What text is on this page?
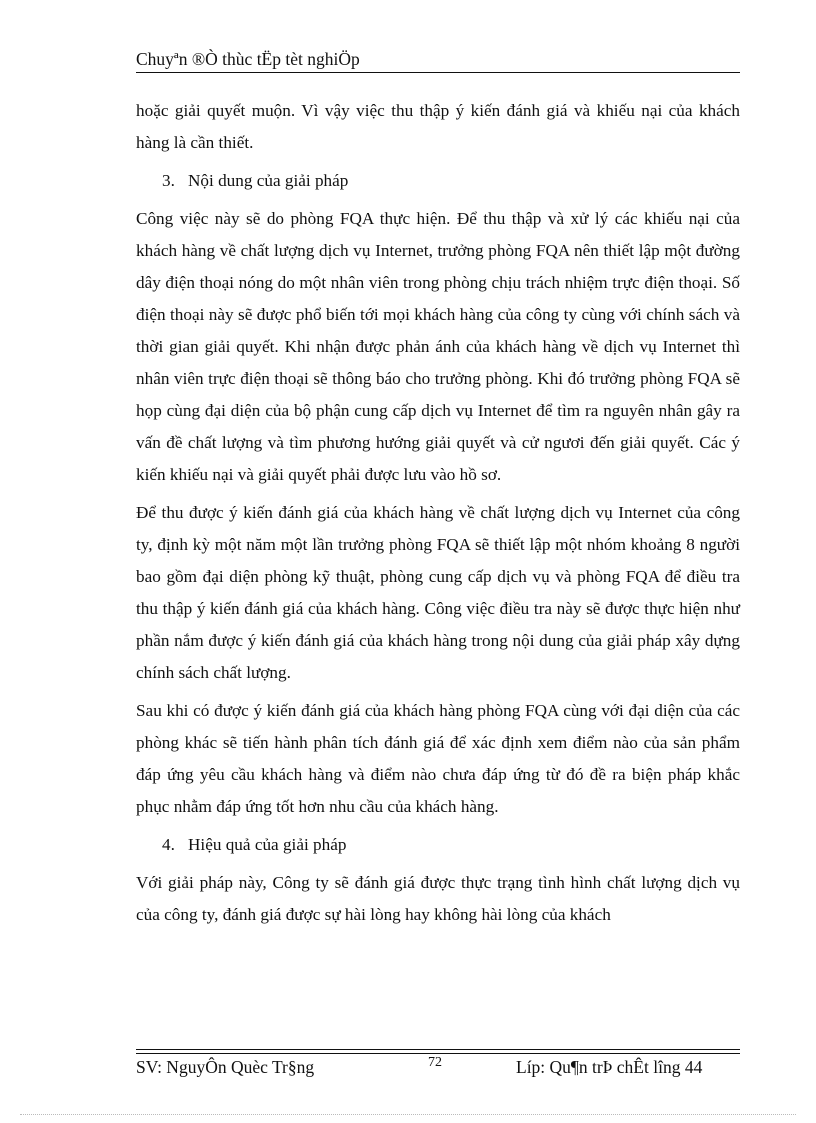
Chuyªn ®Ò thùc tËp tèt nghiÖp

hoặc giải quyết muộn. Vì vậy việc thu thập ý kiến đánh giá và khiếu nại của khách hàng là cần thiết.

3. Nội dung của giải pháp

Công việc này sẽ do phòng FQA thực hiện. Để thu thập và xử lý các khiếu nại của khách hàng về chất lượng dịch vụ Internet, trưởng phòng FQA nên thiết lập một đường dây điện thoại nóng do một nhân viên trong phòng chịu trách nhiệm trực điện thoại. Số điện thoại này sẽ được phổ biến tới mọi khách hàng của công ty cùng với chính sách và thời gian giải quyết. Khi nhận được phản ánh của khách hàng về dịch vụ Internet thì nhân viên trực điện thoại sẽ thông báo cho trưởng phòng. Khi đó trưởng phòng FQA sẽ họp cùng đại diện của bộ phận cung cấp dịch vụ Internet để tìm ra nguyên nhân gây ra vấn đề chất lượng và tìm phương hướng giải quyết và cử ngươi đến giải quyết. Các ý kiến khiếu nại và giải quyết phải được lưu vào hồ sơ.

Để thu được ý kiến đánh giá của khách hàng về chất lượng dịch vụ Internet của công ty, định kỳ một năm một lần trưởng phòng FQA sẽ thiết lập một nhóm khoảng 8 người bao gồm đại diện phòng kỹ thuật, phòng cung cấp dịch vụ và phòng FQA để điều tra thu thập ý kiến đánh giá của khách hàng. Công việc điều tra này sẽ được thực hiện như phần nắm được ý kiến đánh giá của khách hàng trong nội dung của giải pháp xây dựng chính sách chất lượng.

Sau khi có được ý kiến đánh giá của khách hàng phòng FQA cùng với đại diện của các phòng khác sẽ tiến hành phân tích đánh giá để xác định xem điểm nào của sản phẩm đáp ứng yêu cầu khách hàng và điểm nào chưa đáp ứng từ đó đề ra biện pháp khắc phục nhằm đáp ứng tốt hơn nhu cầu của khách hàng.

4. Hiệu quả của giải pháp

Với giải pháp này, Công ty sẽ đánh giá được thực trạng tình hình chất lượng dịch vụ của công ty, đánh giá được sự hài lòng hay không hài lòng của khách

SV: NguyÔn Quèc Tr§ng	72	Líp: Qu¶n trÞ chÊt lîng 44
